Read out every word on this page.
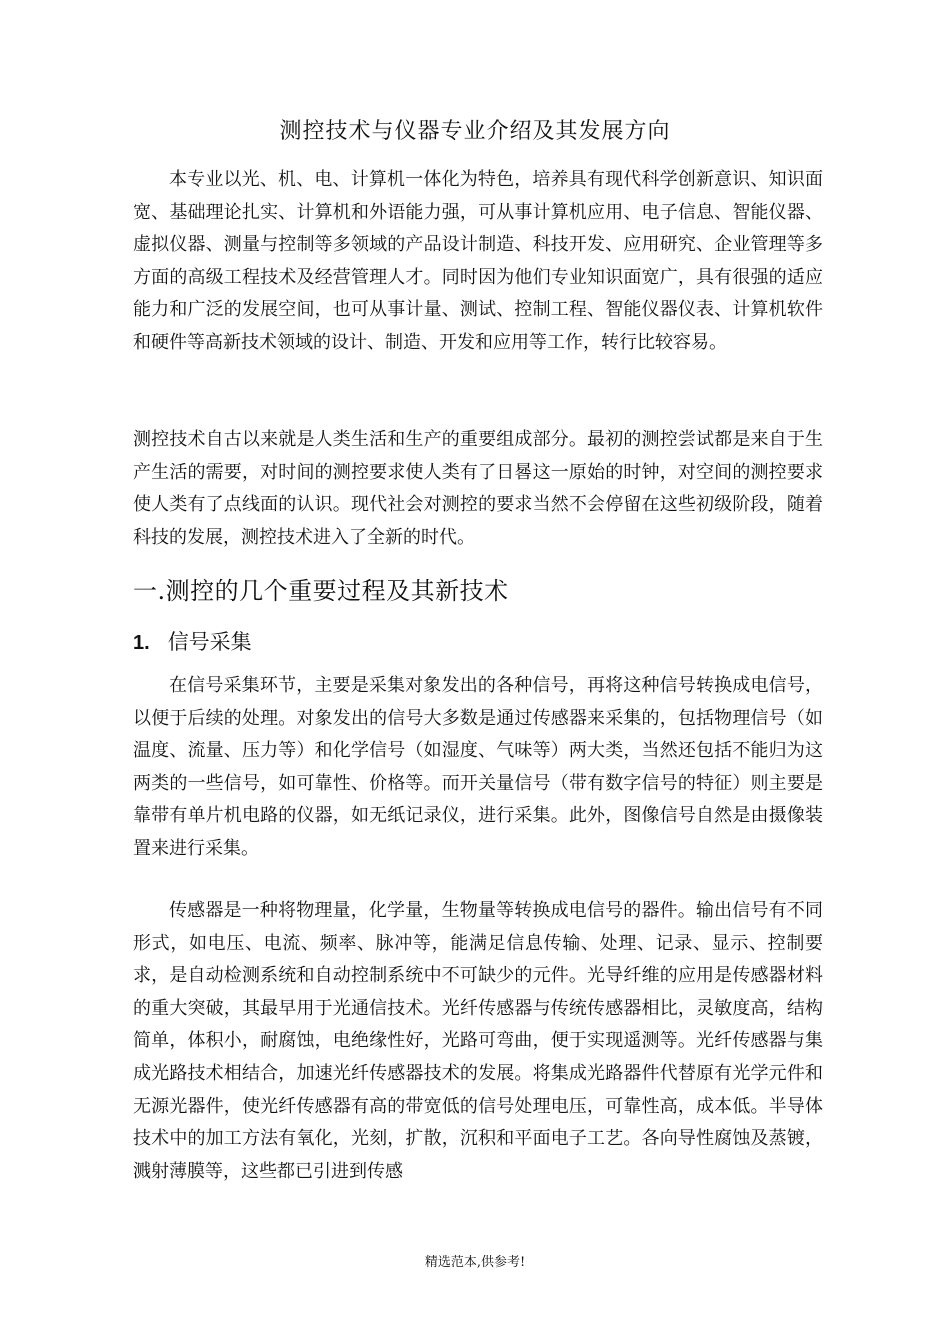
测控技术与仪器专业介绍及其发展方向

本专业以光、机、电、计算机一体化为特色，培养具有现代科学创新意识、知识面宽、基础理论扎实、计算机和外语能力强，可从事计算机应用、电子信息、智能仪器、虚拟仪器、测量与控制等多领域的产品设计制造、科技开发、应用研究、企业管理等多方面的高级工程技术及经营管理人才。同时因为他们专业知识面宽广，具有很强的适应能力和广泛的发展空间，也可从事计量、测试、控制工程、智能仪器仪表、计算机软件和硬件等高新技术领域的设计、制造、开发和应用等工作，转行比较容易。

测控技术自古以来就是人类生活和生产的重要组成部分。最初的测控尝试都是来自于生产生活的需要，对时间的测控要求使人类有了日晷这一原始的时钟，对空间的测控要求使人类有了点线面的认识。现代社会对测控的要求当然不会停留在这些初级阶段，随着科技的发展，测控技术进入了全新的时代。

一.测控的几个重要过程及其新技术
1. 信号采集

在信号采集环节，主要是采集对象发出的各种信号，再将这种信号转换成电信号，以便于后续的处理。对象发出的信号大多数是通过传感器来采集的，包括物理信号（如温度、流量、压力等）和化学信号（如湿度、气味等）两大类，当然还包括不能归为这两类的一些信号，如可靠性、价格等。而开关量信号（带有数字信号的特征）则主要是靠带有单片机电路的仪器，如无纸记录仪，进行采集。此外，图像信号自然是由摄像装置来进行采集。

传感器是一种将物理量，化学量，生物量等转换成电信号的器件。输出信号有不同形式，如电压、电流、频率、脉冲等，能满足信息传输、处理、记录、显示、控制要求，是自动检测系统和自动控制系统中不可缺少的元件。光导纤维的应用是传感器材料的重大突破，其最早用于光通信技术。光纤传感器与传统传感器相比，灵敏度高，结构简单，体积小，耐腐蚀，电绝缘性好，光路可弯曲，便于实现遥测等。光纤传感器与集成光路技术相结合，加速光纤传感器技术的发展。将集成光路器件代替原有光学元件和无源光器件，使光纤传感器有高的带宽低的信号处理电压，可靠性高，成本低。半导体技术中的加工方法有氧化，光刻，扩散，沉积和平面电子工艺。各向导性腐蚀及蒸镀，溅射薄膜等，这些都已引进到传感

精选范本,供参考!
